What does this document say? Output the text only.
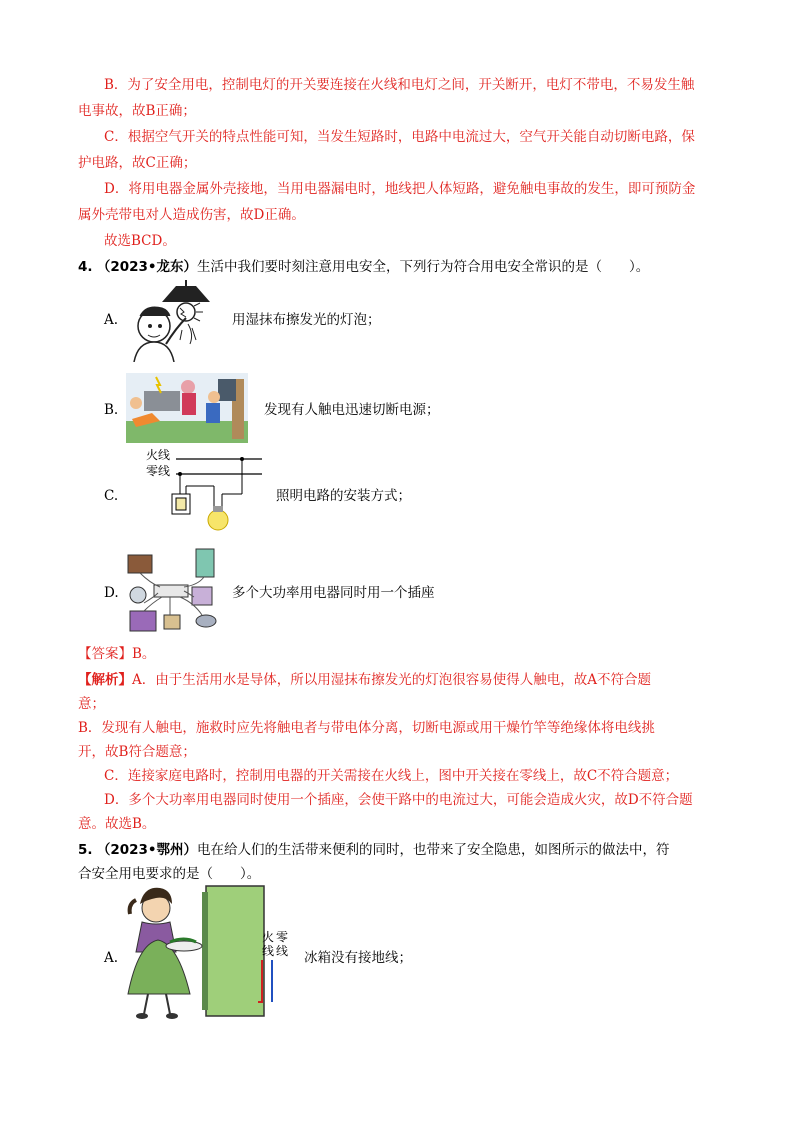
B．为了安全用电，控制电灯的开关要连接在火线和电灯之间，开关断开，电灯不带电，不易发生触
电事故，故B正确；
C．根据空气开关的特点性能可知，当发生短路时，电路中电流过大，空气开关能自动切断电路，保
护电路，故C正确；
D．将用电器金属外壳接地，当用电器漏电时，地线把人体短路，避免触电事故的发生，即可预防金
属外壳带电对人造成伤害，故D正确。
故选BCD。
4. （2023•龙东）生活中我们要时刻注意用电安全，下列行为符合用电安全常识的是（　　）。
A.	用湿抹布擦发光的灯泡；
B.	发现有人触电迅速切断电源；
C.
火线
零线
照明电路的安装方式；
D.	多个大功率用电器同时用一个插座
【答案】B。
【解析】A．由于生活用水是导体，所以用湿抹布擦发光的灯泡很容易使得人触电，故A不符合题
意；
B．发现有人触电，施救时应先将触电者与带电体分离，切断电源或用干燥竹竿等绝缘体将电线挑
开，故B符合题意；
C．连接家庭电路时，控制用电器的开关需接在火线上，图中开关接在零线上，故C不符合题意；
D．多个大功率用电器同时使用一个插座，会使干路中的电流过大，可能会造成火灾，故D不符合题
意。故选B。
5. （2023•鄂州）电在给人们的生活带来便利的同时，也带来了安全隐患，如图所示的做法中，符
合安全用电要求的是（　　）。
A.
火 零
线 线 冰箱没有接地线；
